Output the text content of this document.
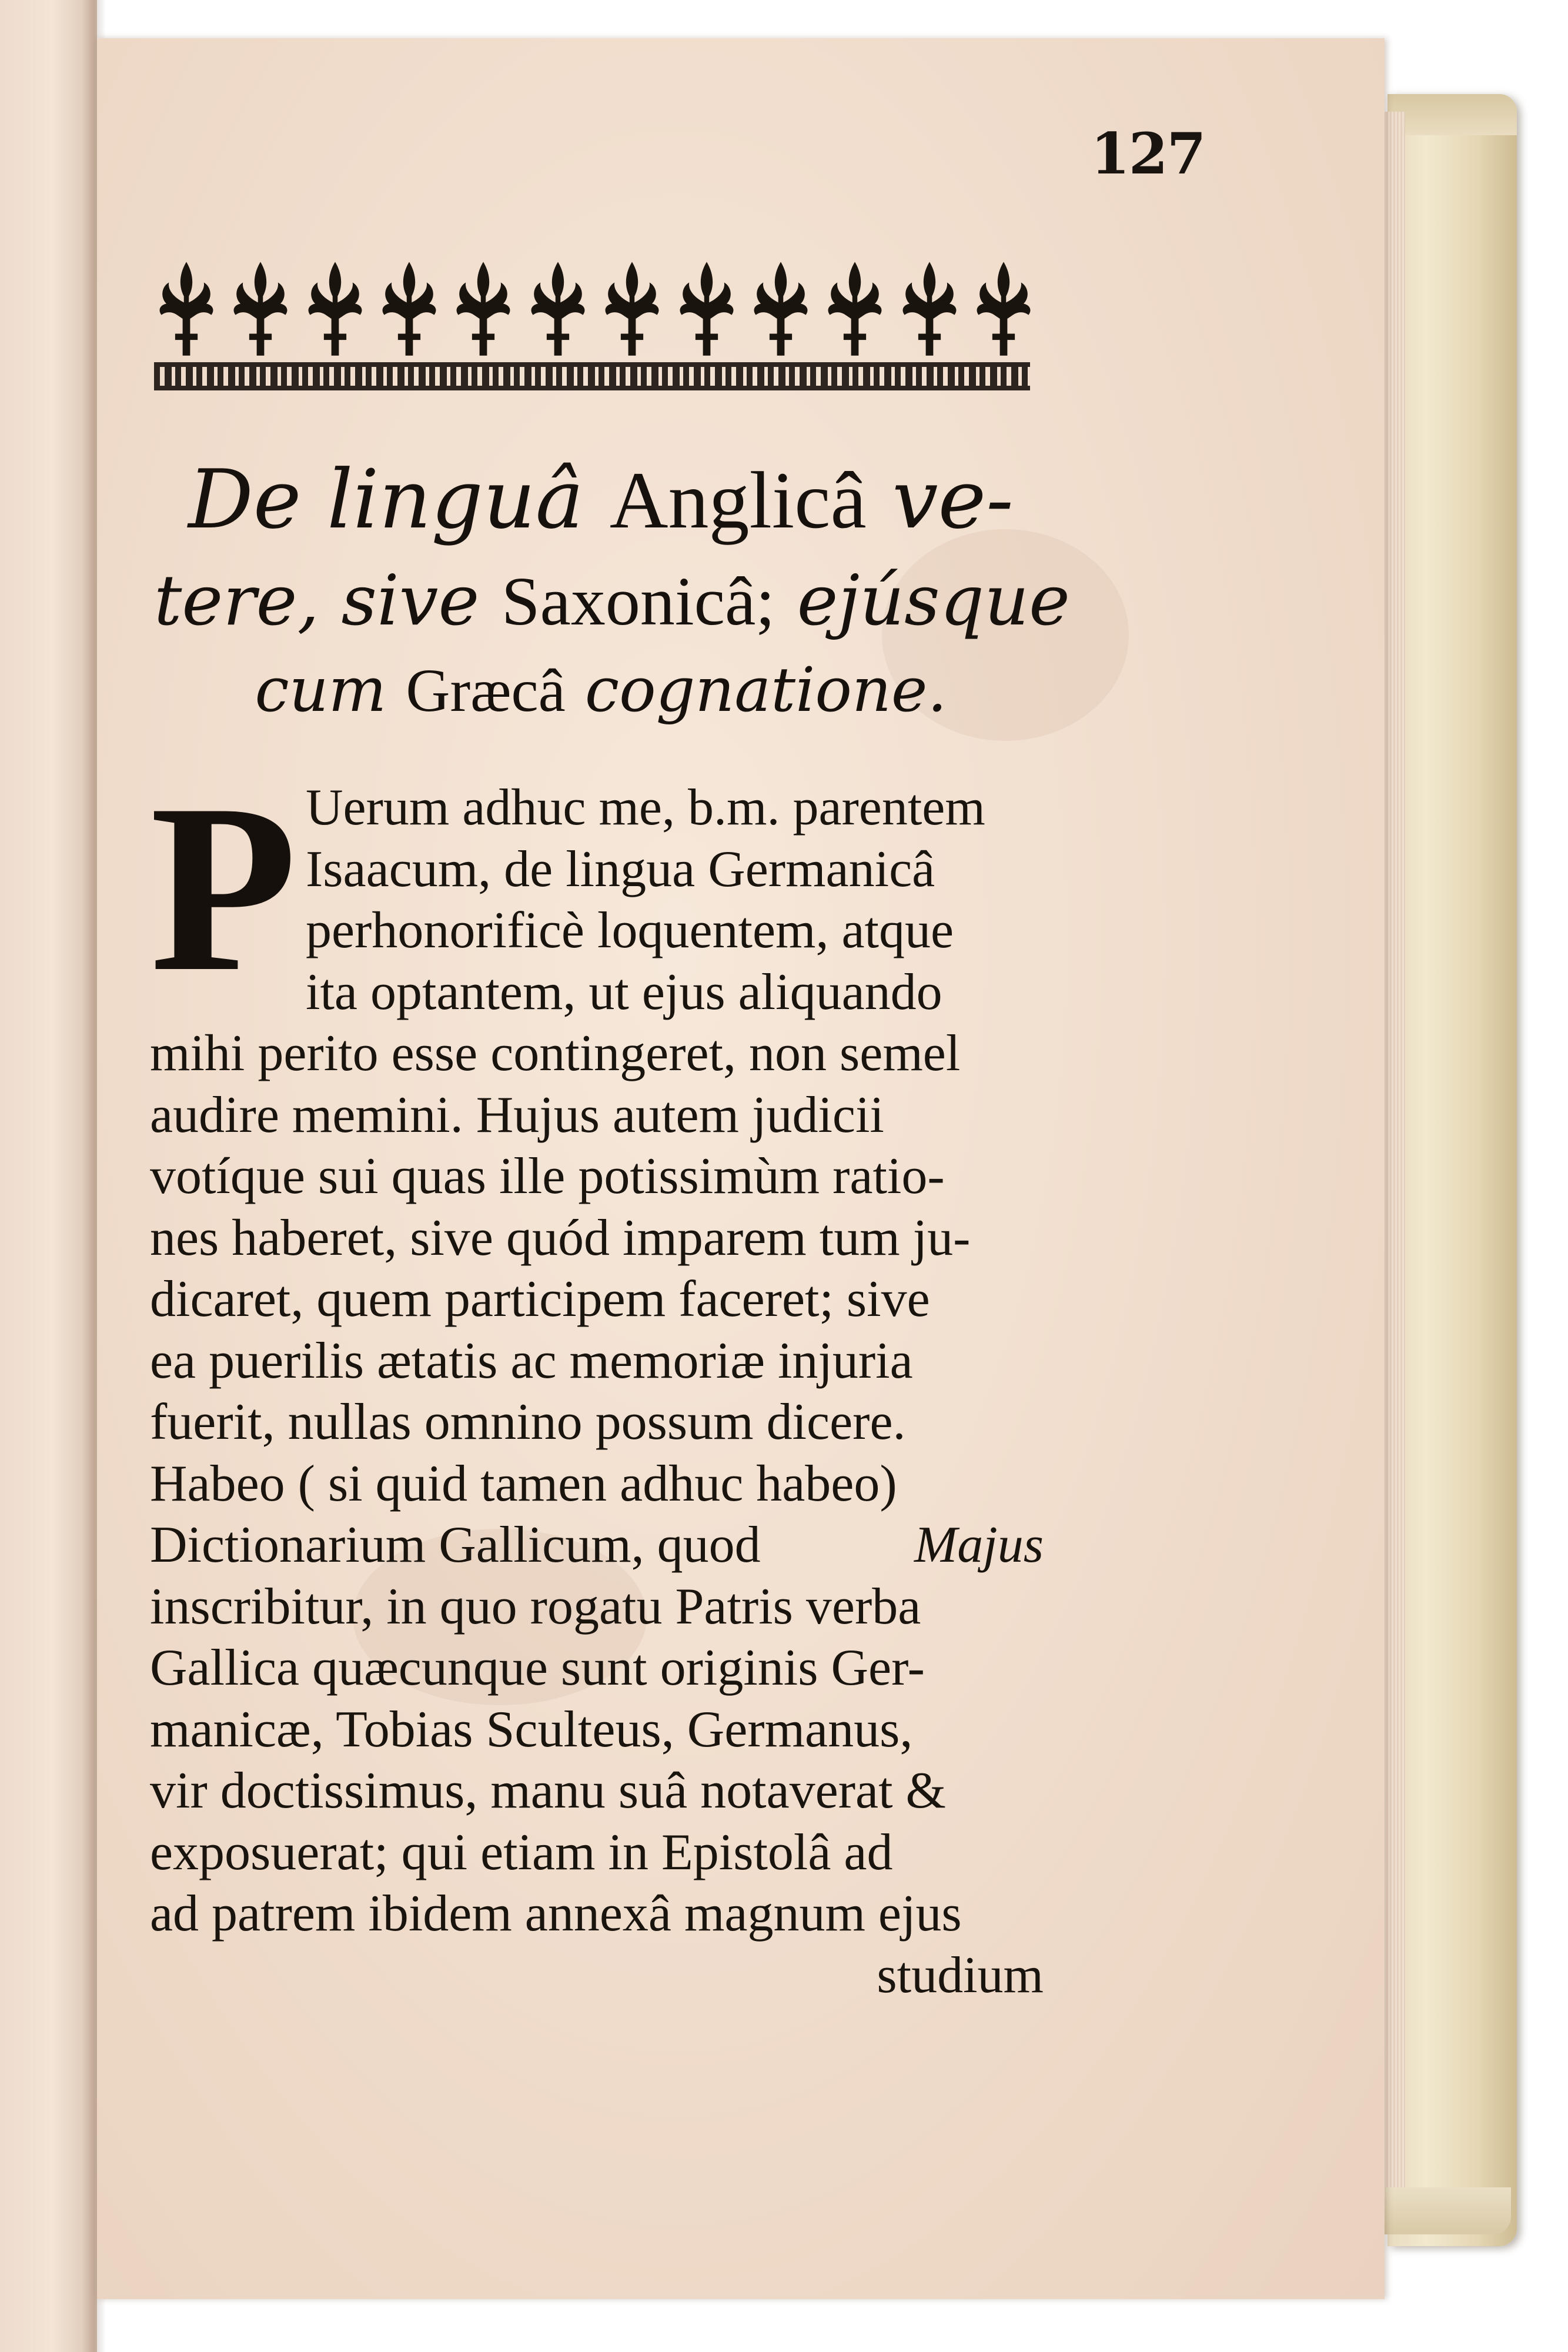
127
De linguâ Anglicâ ve-
tere, sive Saxonicâ; ejúsque
cum Græcâ cognatione.
P Uerum adhuc me, b.m. parentem
Isaacum, de lingua Germanicâ
perhonorificè loquentem, atque
ita optantem, ut ejus aliquando
mihi perito esse contingeret, non semel
audire memini. Hujus autem judicii
votíque sui quas ille potissimùm ratio-
nes haberet, sive quód imparem tum ju-
dicaret, quem participem faceret; sive
ea puerilis ætatis ac memoriæ injuria
fuerit, nullas omnino possum dicere.
Habeo ( si quid tamen adhuc habeo)
Dictionarium Gallicum, quod
	Majus
inscribitur, in quo rogatu Patris verba
Gallica quæcunque sunt originis Ger-
manicæ, Tobias Sculteus, Germanus,
vir doctissimus, manu suâ notaverat &
exposuerat; qui etiam in Epistolâ ad
ad patrem ibidem annexâ magnum ejus
studium
